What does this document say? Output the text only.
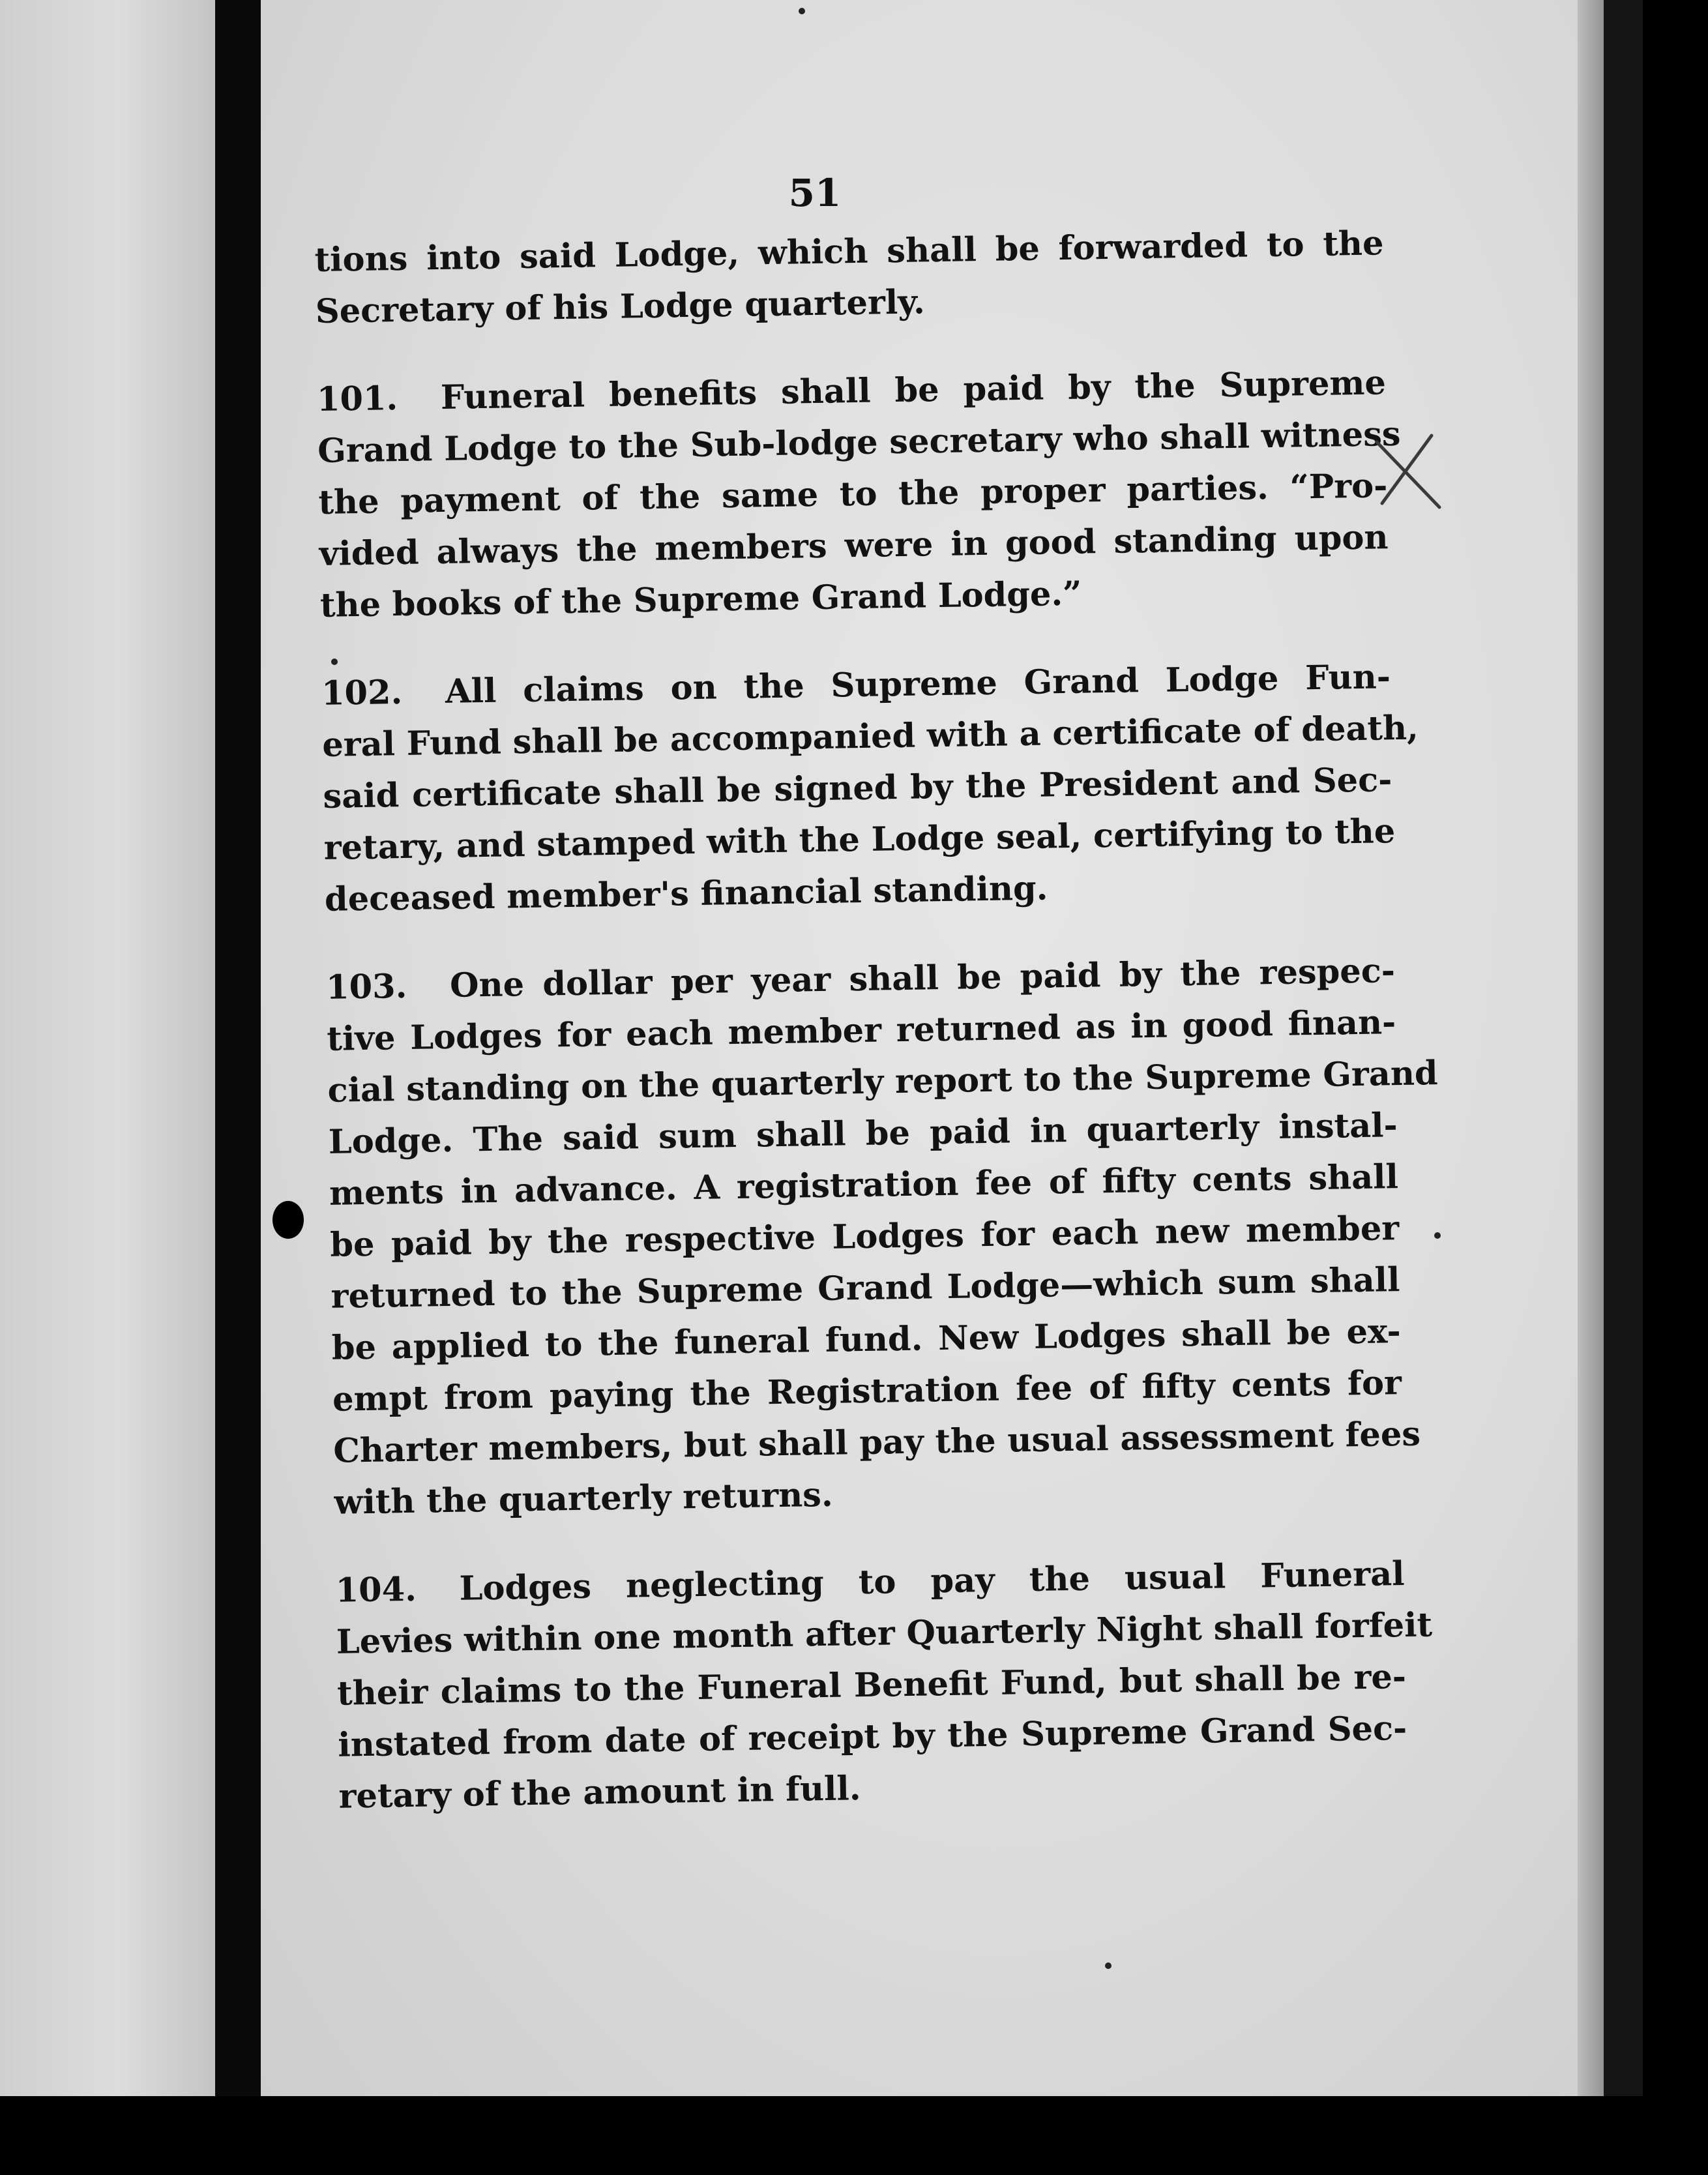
51
tions into said Lodge, which shall be forwarded to the
Secretary of his Lodge quarterly.
101. Funeral benefits shall be paid by the Supreme
Grand Lodge to the Sub-lodge secretary who shall witness
the payment of the same to the proper parties. “Pro-
vided always the members were in good standing upon
the books of the Supreme Grand Lodge.”
102. All claims on the Supreme Grand Lodge Fun-
eral Fund shall be accompanied with a certificate of death,
said certificate shall be signed by the President and Sec-
retary, and stamped with the Lodge seal, certifying to the
deceased member's financial standing.
103. One dollar per year shall be paid by the respec-
tive Lodges for each member returned as in good finan-
cial standing on the quarterly report to the Supreme Grand
Lodge. The said sum shall be paid in quarterly instal-
ments in advance. A registration fee of fifty cents shall
be paid by the respective Lodges for each new member
returned to the Supreme Grand Lodge—which sum shall
be applied to the funeral fund. New Lodges shall be ex-
empt from paying the Registration fee of fifty cents for
Charter members, but shall pay the usual assessment fees
with the quarterly returns.
104. Lodges neglecting to pay the usual Funeral
Levies within one month after Quarterly Night shall forfeit
their claims to the Funeral Benefit Fund, but shall be re-
instated from date of receipt by the Supreme Grand Sec-
retary of the amount in full.
